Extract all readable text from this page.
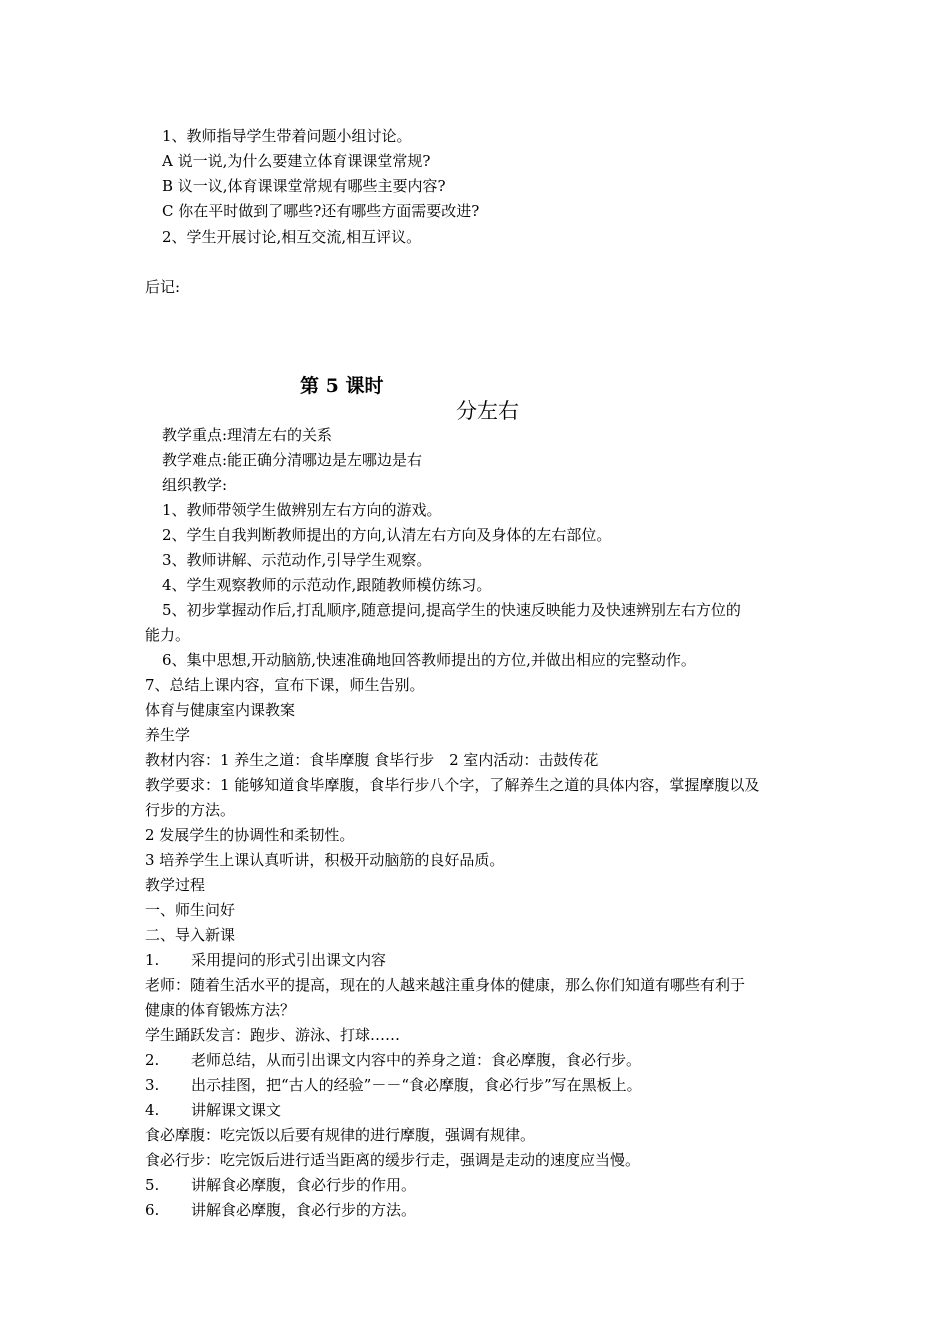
1、教师指导学生带着问题小组讨论。
A 说一说,为什么要建立体育课课堂常规?
B 议一议,体育课课堂常规有哪些主要内容?
C 你在平时做到了哪些?还有哪些方面需要改进?
2、学生开展讨论,相互交流,相互评议。
后记:
第 5 课时
分左右
教学重点:理清左右的关系
教学难点:能正确分清哪边是左哪边是右
组织教学:
1、教师带领学生做辨别左右方向的游戏。
2、学生自我判断教师提出的方向,认清左右方向及身体的左右部位。
3、教师讲解、示范动作,引导学生观察。
4、学生观察教师的示范动作,跟随教师模仿练习。
5、初步掌握动作后,打乱顺序,随意提问,提高学生的快速反映能力及快速辨别左右方位的
能力。
6、集中思想,开动脑筋,快速准确地回答教师提出的方位,并做出相应的完整动作。
7、总结上课内容，宣布下课，师生告别。
体育与健康室内课教案
养生学
教材内容：1 养生之道：食毕摩腹 食毕行步　2 室内活动：击鼓传花
教学要求：1 能够知道食毕摩腹，食毕行步八个字，了解养生之道的具体内容，掌握摩腹以及
行步的方法。
2 发展学生的协调性和柔韧性。
3 培养学生上课认真听讲，积极开动脑筋的良好品质。
教学过程
一、师生问好
二、导入新课
1. 采用提问的形式引出课文内容
老师：随着生活水平的提高，现在的人越来越注重身体的健康，那么你们知道有哪些有利于
健康的体育锻炼方法？
学生踊跃发言：跑步、游泳、打球……
2. 老师总结，从而引出课文内容中的养身之道：食必摩腹，食必行步。
3. 出示挂图，把“古人的经验”－－“食必摩腹，食必行步”写在黑板上。
4. 讲解课文课文
食必摩腹：吃完饭以后要有规律的进行摩腹，强调有规律。
食必行步：吃完饭后进行适当距离的缓步行走，强调是走动的速度应当慢。
5. 讲解食必摩腹，食必行步的作用。
6. 讲解食必摩腹，食必行步的方法。
